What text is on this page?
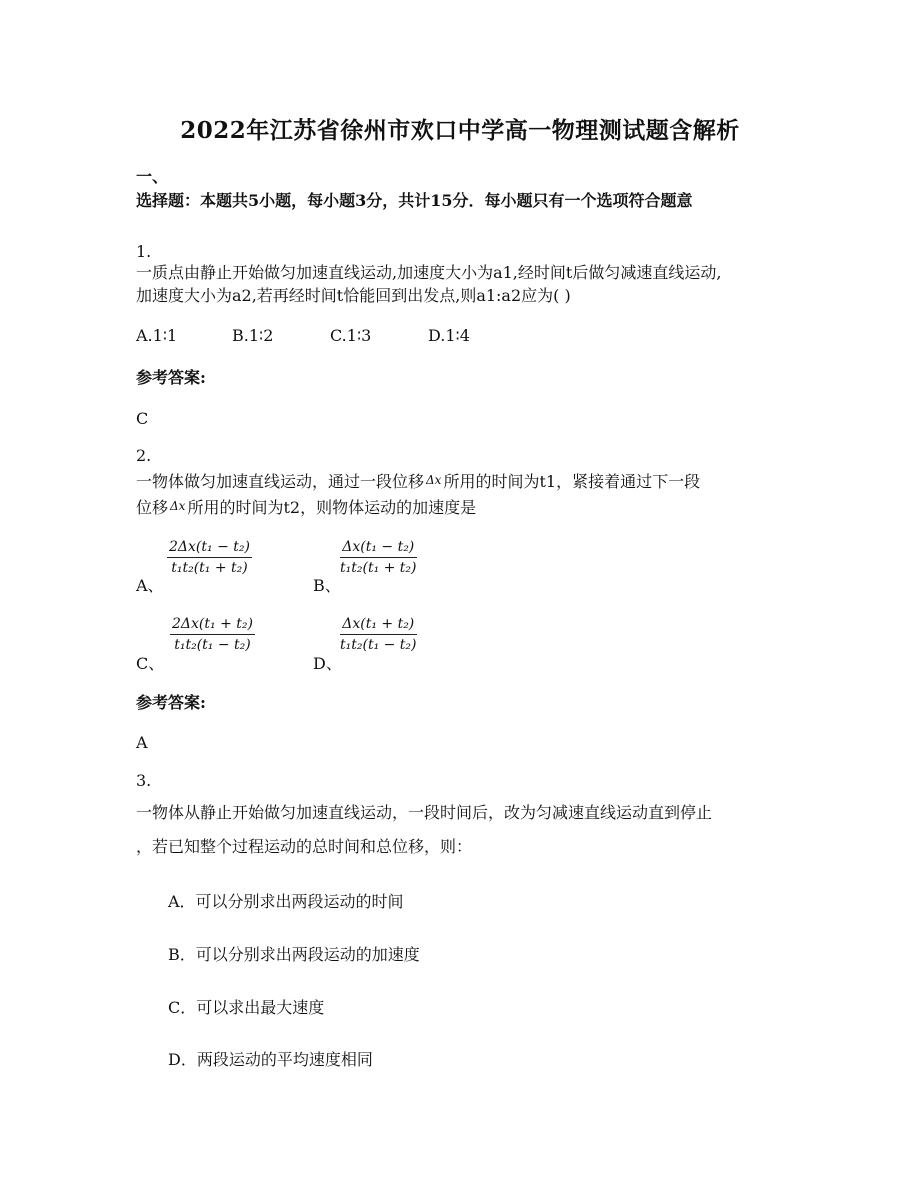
2022年江苏省徐州市欢口中学高一物理测试题含解析
一、
选择题：本题共5小题，每小题3分，共计15分．每小题只有一个选项符合题意
1.
一质点由静止开始做匀加速直线运动,加速度大小为a1,经时间t后做匀减速直线运动,
加速度大小为a2,若再经时间t恰能回到出发点,则a1:a2应为( )
A.1∶1	B.1∶2	C.1∶3	D.1∶4
参考答案:
C
2.
一物体做匀加速直线运动，通过一段位移 Δx 所用的时间为t1，紧接着通过下一段
位移 Δx 所用的时间为t2，则物体运动的加速度是
A、
$\frac{\text{2Δx(t₁ − t₂)}}{\text{t₁t₂(t₁ + t₂)}}$
B、
$\frac{\text{Δx(t₁ − t₂)}}{\text{t₁t₂(t₁ + t₂)}}$
C、
$\frac{\text{2Δx(t₁ + t₂)}}{\text{t₁t₂(t₁ − t₂)}}$
D、
$\frac{\text{Δx(t₁ + t₂)}}{\text{t₁t₂(t₁ − t₂)}}$
参考答案:
A
3.
一物体从静止开始做匀加速直线运动，一段时间后，改为匀减速直线运动直到停止
，若已知整个过程运动的总时间和总位移，则：
A．可以分别求出两段运动的时间
B．可以分别求出两段运动的加速度
C．可以求出最大速度
D．两段运动的平均速度相同
